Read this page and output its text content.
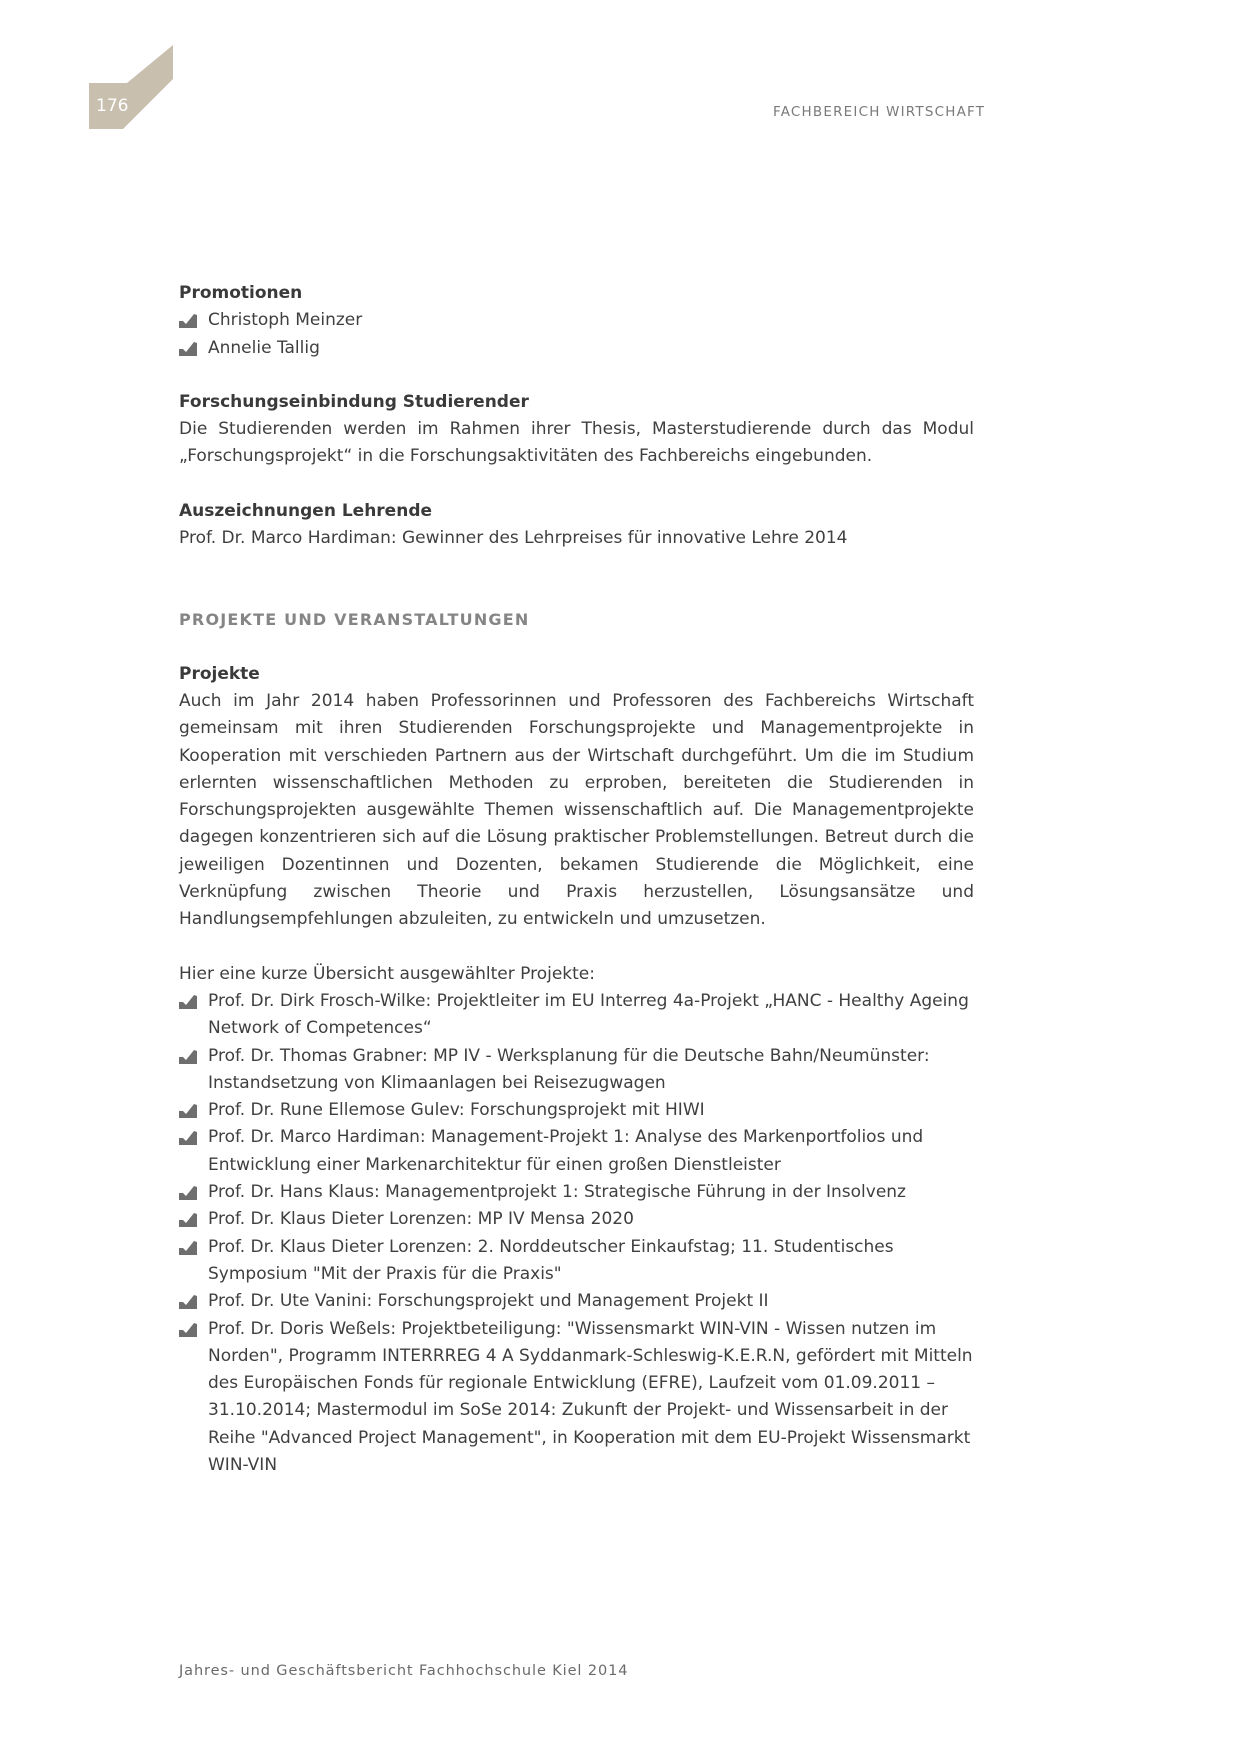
176	FACHBEREICH WIRTSCHAFT

Promotionen

Christoph Meinzer
Annelie Tallig

Forschungseinbindung Studierender

Die Studierenden werden im Rahmen ihrer Thesis, Masterstudierende durch das Modul „Forschungsprojekt“ in die Forschungsaktivitäten des Fachbereichs eingebunden.

Auszeichnungen Lehrende

Prof. Dr. Marco Hardiman: Gewinner des Lehrpreises für innovative Lehre 2014

PROJEKTE UND VERANSTALTUNGEN

Projekte

Auch im Jahr 2014 haben Professorinnen und Professoren des Fachbereichs Wirtschaft gemeinsam mit ihren Studierenden Forschungsprojekte und Managementprojekte in Kooperation mit verschieden Partnern aus der Wirtschaft durchgeführt. Um die im Studium erlernten wissenschaftlichen Methoden zu erproben, bereiteten die Studierenden in Forschungsprojekten ausgewählte Themen wissenschaftlich auf. Die Managementprojekte dagegen konzentrieren sich auf die Lösung praktischer Problemstellungen. Betreut durch die jeweiligen Dozentinnen und Dozenten, bekamen Studierende die Möglichkeit, eine Verknüpfung zwischen Theorie und Praxis herzustellen, Lösungsansätze und Handlungsempfehlungen abzuleiten, zu entwickeln und umzusetzen.

Hier eine kurze Übersicht ausgewählter Projekte:

Prof. Dr. Dirk Frosch-Wilke: Projektleiter im EU Interreg 4a-Projekt „HANC - Healthy Ageing Network of Competences“
Prof. Dr. Thomas Grabner: MP IV - Werksplanung für die Deutsche Bahn/Neumünster: Instandsetzung von Klimaanlagen bei Reisezugwagen
Prof. Dr. Rune Ellemose Gulev: Forschungsprojekt mit HIWI
Prof. Dr. Marco Hardiman: Management-Projekt 1: Analyse des Markenportfolios und Entwicklung einer Markenarchitektur für einen großen Dienstleister
Prof. Dr. Hans Klaus: Managementprojekt 1: Strategische Führung in der Insolvenz
Prof. Dr. Klaus Dieter Lorenzen: MP IV Mensa 2020
Prof. Dr. Klaus Dieter Lorenzen: 2. Norddeutscher Einkaufstag; 11. Studentisches Symposium "Mit der Praxis für die Praxis"
Prof. Dr. Ute Vanini: Forschungsprojekt und Management Projekt II
Prof. Dr. Doris Weßels: Projektbeteiligung: "Wissensmarkt WIN-VIN - Wissen nutzen im Norden", Programm INTERRREG 4 A Syddanmark-Schleswig-K.E.R.N, gefördert mit Mitteln des Europäischen Fonds für regionale Entwicklung (EFRE), Laufzeit vom 01.09.2011 – 31.10.2014; Mastermodul im SoSe 2014: Zukunft der Projekt- und Wissensarbeit in der Reihe "Advanced Project Management", in Kooperation mit dem EU-Projekt Wissensmarkt WIN-VIN
Jahres- und Geschäftsbericht Fachhochschule Kiel 2014
